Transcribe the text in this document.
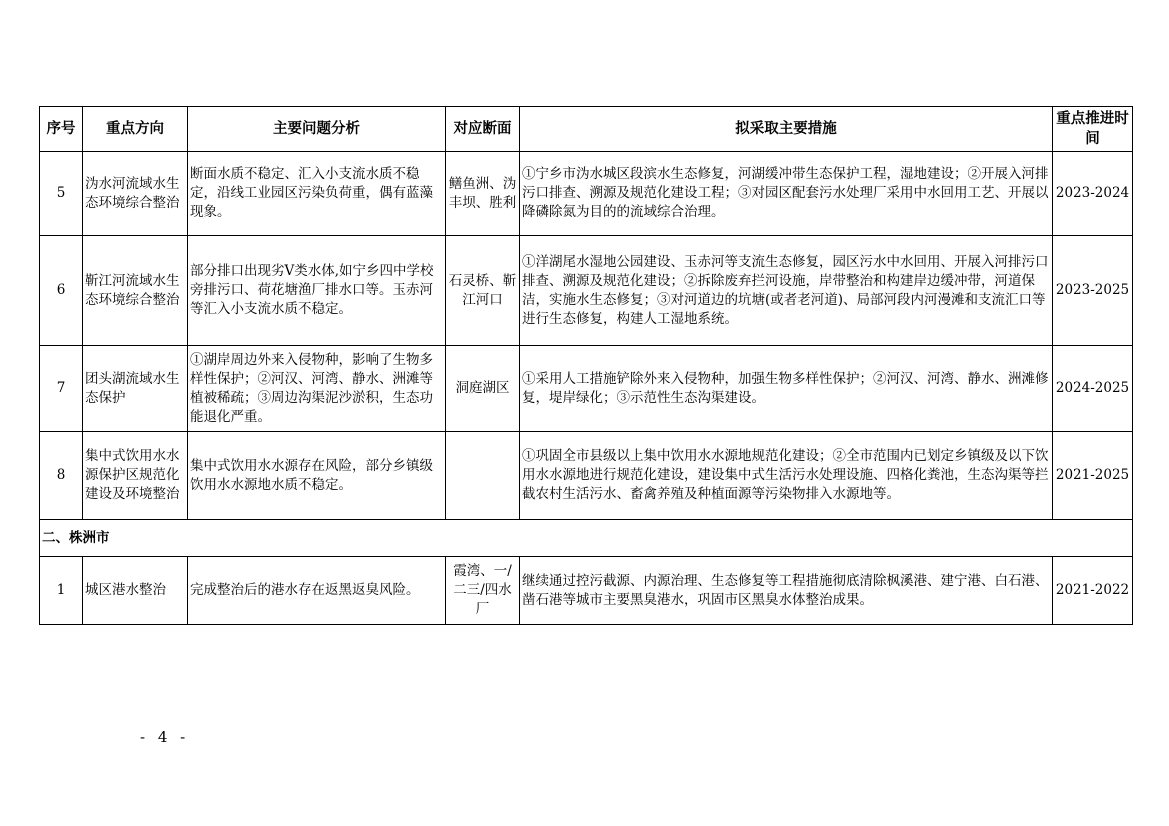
序号	重点方向	主要问题分析	对应断面	拟采取主要措施	重点推进时间
5	沩水河流域水生态环境综合整治	断面水质不稳定、汇入小支流水质不稳定，沿线工业园区污染负荷重，偶有蓝藻现象。	鳝鱼洲、沩丰坝、胜利	①宁乡市沩水城区段滨水生态修复，河湖缓冲带生态保护工程，湿地建设；②开展入河排污口排查、溯源及规范化建设工程；③对园区配套污水处理厂采用中水回用工艺、开展以降磷除氮为目的的流域综合治理。	2023-2024
6	靳江河流域水生态环境综合整治	部分排口出现劣Ⅴ类水体,如宁乡四中学校旁排污口、荷花塘渔厂排水口等。玉赤河等汇入小支流水质不稳定。	石灵桥、靳江河口	①洋湖尾水湿地公园建设、玉赤河等支流生态修复，园区污水中水回用、开展入河排污口排查、溯源及规范化建设；②拆除废弃拦河设施，岸带整治和构建岸边缓冲带，河道保洁，实施水生态修复；③对河道边的坑塘(或者老河道)、局部河段内河漫滩和支流汇口等进行生态修复，构建人工湿地系统。	2023-2025
7	团头湖流域水生态保护	①湖岸周边外来入侵物种，影响了生物多样性保护；②河汉、河湾、静水、洲滩等植被稀疏；③周边沟渠泥沙淤积，生态功能退化严重。	洞庭湖区	①采用人工措施铲除外来入侵物种，加强生物多样性保护；②河汉、河湾、静水、洲滩修复，堤岸绿化；③示范性生态沟渠建设。	2024-2025
8	集中式饮用水水源保护区规范化建设及环境整治	集中式饮用水水源存在风险，部分乡镇级饮用水水源地水质不稳定。		①巩固全市县级以上集中饮用水水源地规范化建设；②全市范围内已划定乡镇级及以下饮用水水源地进行规范化建设，建设集中式生活污水处理设施、四格化粪池，生态沟渠等拦截农村生活污水、畜禽养殖及种植面源等污染物排入水源地等。	2021-2025
二、株洲市					
1	城区港水整治	完成整治后的港水存在返黑返臭风险。	霞湾、一/二三/四水厂	继续通过控污截源、内源治理、生态修复等工程措施彻底清除枫溪港、建宁港、白石港、凿石港等城市主要黑臭港水，巩固市区黑臭水体整治成果。	2021-2022
- 4 -
